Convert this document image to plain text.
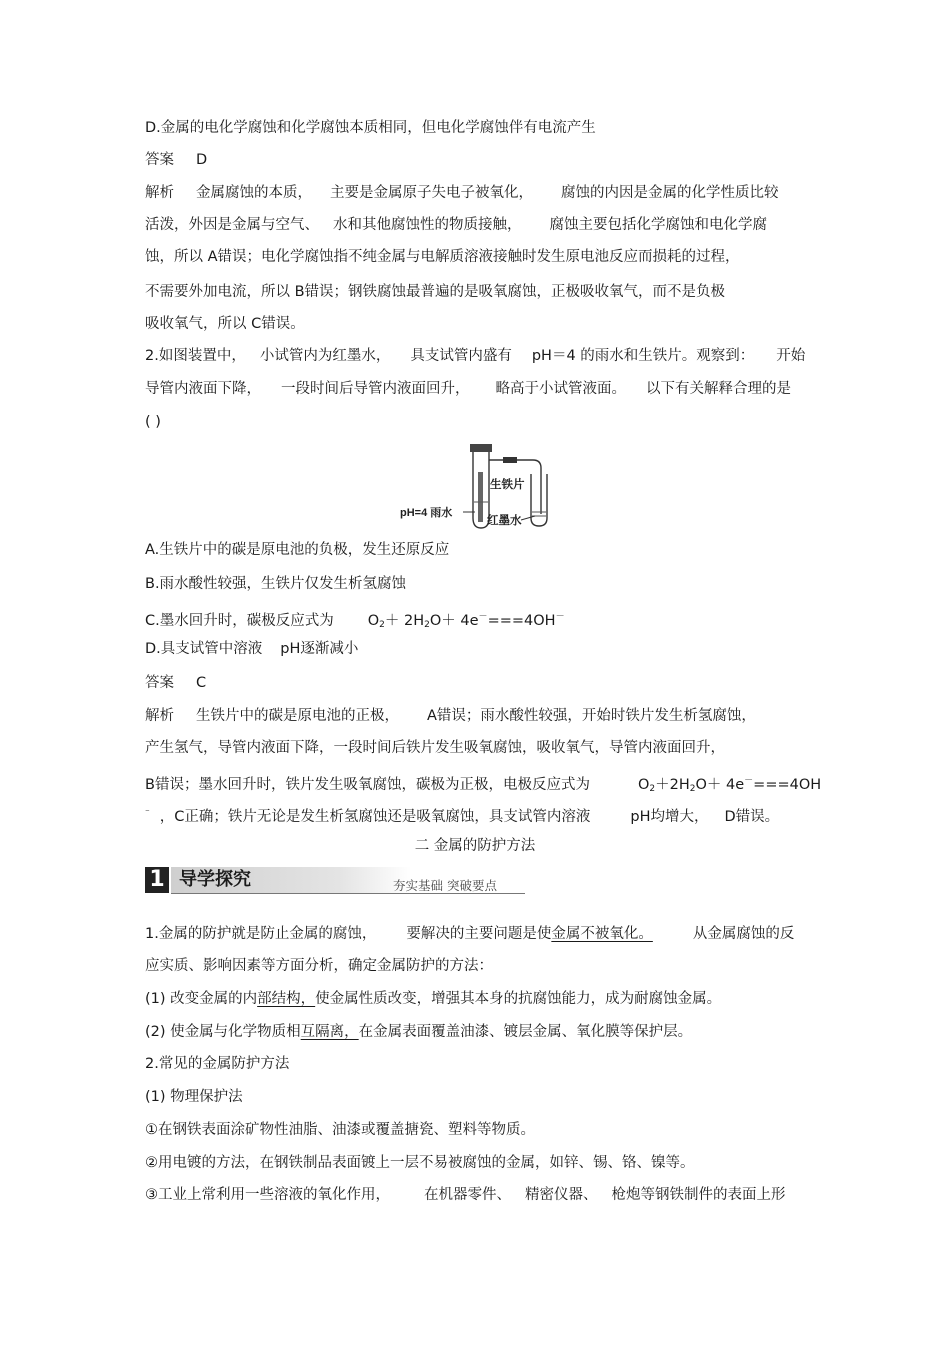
D.金属的电化学腐蚀和化学腐蚀本质相同，但电化学腐蚀伴有电流产生
答案 D
解析 金属腐蚀的本质， 主要是金属原子失电子被氧化， 腐蚀的内因是金属的化学性质比较
活泼，外因是金属与空气、 水和其他腐蚀性的物质接触， 腐蚀主要包括化学腐蚀和电化学腐
蚀，所以 A错误；电化学腐蚀指不纯金属与电解质溶液接触时发生原电池反应而损耗的过程，
不需要外加电流，所以 B错误；钢铁腐蚀最普遍的是吸氧腐蚀，正极吸收氧气，而不是负极
吸收氧气，所以 C错误。
2.如图装置中， 小试管内为红墨水， 具支试管内盛有 pH＝4 的雨水和生铁片。观察到： 开始
导管内液面下降， 一段时间后导管内液面回升， 略高于小试管液面。 以下有关解释合理的是
( )
生铁片
pH=4 雨水
红墨水
A.生铁片中的碳是原电池的负极，发生还原反应
B.雨水酸性较强，生铁片仅发生析氢腐蚀
C.墨水回升时，碳极反应式为 $O_2+ 2H_2O+ 4e^-===4OH^-$
D.具支试管中溶液 pH逐渐减小
答案 C
解析 生铁片中的碳是原电池的正极， A错误；雨水酸性较强，开始时铁片发生析氢腐蚀，
产生氢气，导管内液面下降，一段时间后铁片发生吸氧腐蚀，吸收氧气，导管内液面回升，
B错误；墨水回升时，铁片发生吸氧腐蚀，碳极为正极，电极反应式为	$O_2+2H_2O+ 4e^-===4OH$
⁻ ，C正确；铁片无论是发生析氢腐蚀还是吸氧腐蚀，具支试管内溶液	pH均增大， D错误。
二 金属的防护方法
1 导学探究	夯实基础 突破要点
1.金属的防护就是防止金属的腐蚀， 要解决的主要问题是使金属不被氧化。	从金属腐蚀的反
应实质、影响因素等方面分析，确定金属防护的方法：
(1) 改变金属的内部结构，使金属性质改变，增强其本身的抗腐蚀能力，成为耐腐蚀金属。
(2) 使金属与化学物质相互隔离，在金属表面覆盖油漆、镀层金属、氧化膜等保护层。
2.常见的金属防护方法
(1) 物理保护法
①在钢铁表面涂矿物性油脂、油漆或覆盖搪瓷、塑料等物质。
②用电镀的方法，在钢铁制品表面镀上一层不易被腐蚀的金属，如锌、锡、铬、镍等。
③工业上常利用一些溶液的氧化作用， 在机器零件、 精密仪器、 枪炮等钢铁制件的表面上形
